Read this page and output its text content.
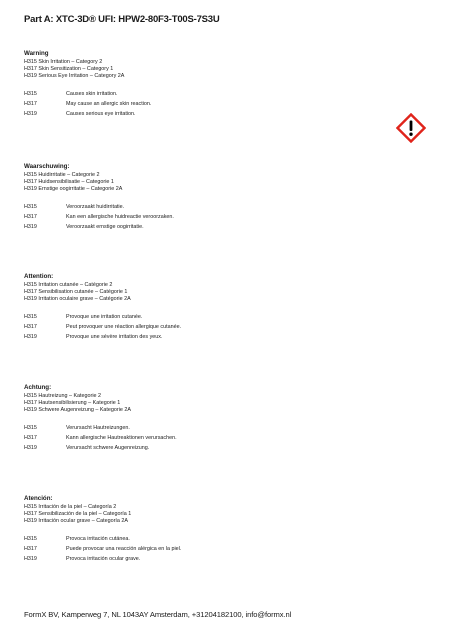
Part A: XTC-3D® UFI: HPW2-80F3-T00S-7S3U
Warning
H315 Skin Irritation – Category 2
H317 Skin Sensitization – Category 1
H319 Serious Eye Irritation – Category 2A
H315	Causes skin irritation.
H317	May cause an allergic skin reaction.
H319	Causes serious eye irritation.
Waarschuwing:
H315 Huidirritatie – Categorie 2
H317 Huidsensibilisatie – Categorie 1
H319 Ernstige oogirritatie – Categorie 2A
H315	Veroorzaakt huidirritatie.
H317	Kan een allergische huidreactie veroorzaken.
H319	Veroorzaakt ernstige oogirritatie.
Attention:
H315 Irritation cutanée – Catégorie 2
H317 Sensibilisation cutanée – Catégorie 1
H319 Irritation oculaire grave – Catégorie 2A
H315	Provoque une irritation cutanée.
H317	Peut provoquer une réaction allergique cutanée.
H319	Provoque une sévère irritation des yeux.
Achtung:
H315 Hautreizung – Kategorie 2
H317 Hautsensibilisierung – Kategorie 1
H319 Schwere Augenreizung – Kategorie 2A
H315	Verursacht Hautreizungen.
H317	Kann allergische Hautreaktionen verursachen.
H319	Verursacht schwere Augenreizung.
Atención:
H315 Irritación de la piel – Categoría 2
H317 Sensibilización de la piel – Categoría 1
H319 Irritación ocular grave – Categoría 2A
H315	Provoca irritación cutánea.
H317	Puede provocar una reacción alérgica en la piel.
H319	Provoca irritación ocular grave.
FormX BV, Kamperweg 7, NL 1043AY Amsterdam, +31204182100, info@formx.nl
